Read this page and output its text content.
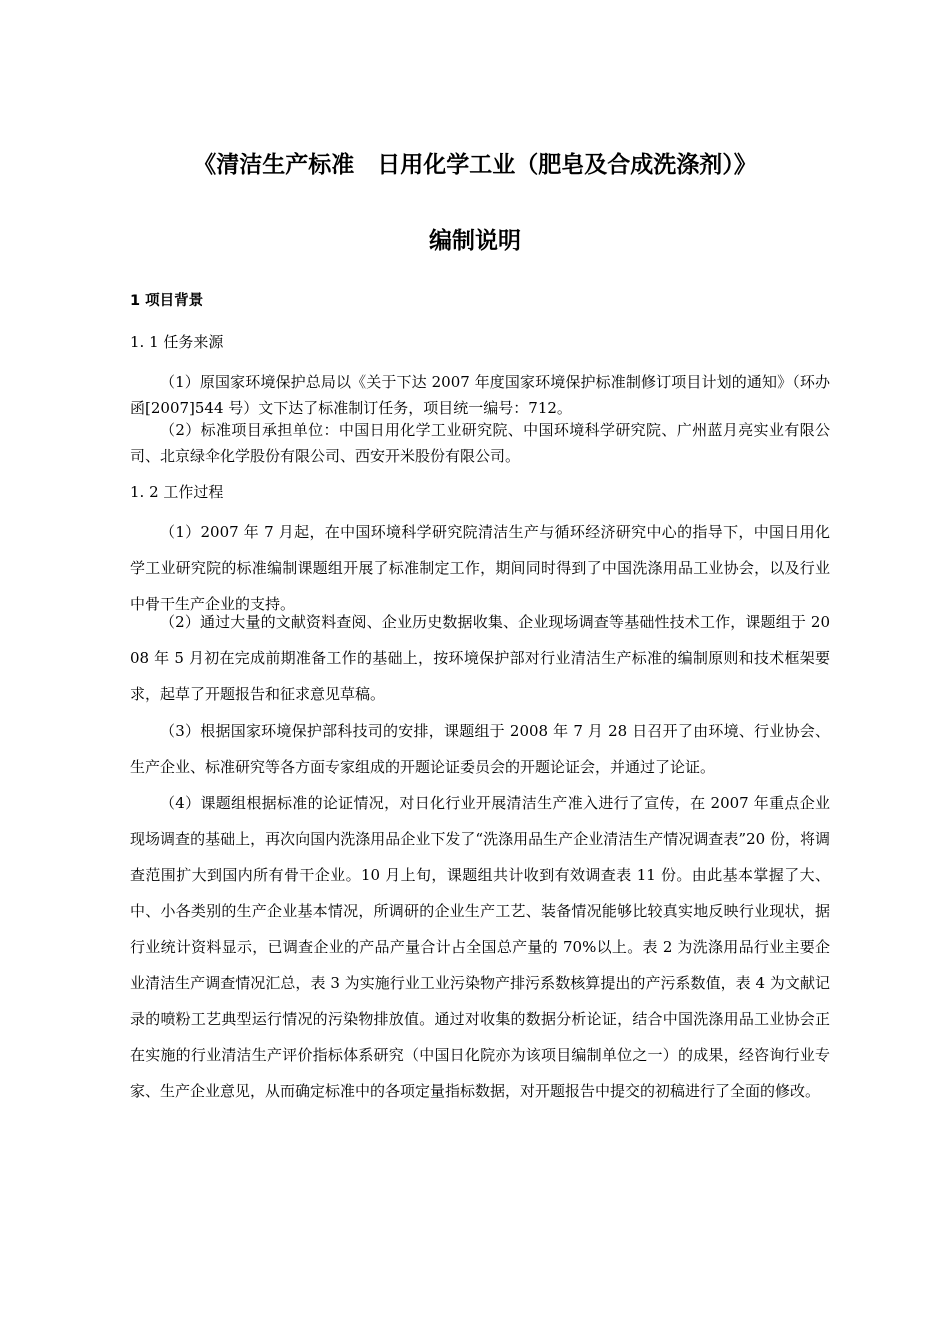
《清洁生产标准　日用化学工业（肥皂及合成洗涤剂）》
编制说明
1 项目背景
1. 1 任务来源

（1）原国家环境保护总局以《关于下达 2007 年度国家环境保护标准制修订项目计划的通知》（环办函[2007]544 号）文下达了标准制订任务，项目统一编号：712。

（2）标准项目承担单位：中国日用化学工业研究院、中国环境科学研究院、广州蓝月亮实业有限公司、北京绿伞化学股份有限公司、西安开米股份有限公司。

1. 2 工作过程

（1）2007 年 7 月起，在中国环境科学研究院清洁生产与循环经济研究中心的指导下，中国日用化学工业研究院的标准编制课题组开展了标准制定工作，期间同时得到了中国洗涤用品工业协会，以及行业中骨干生产企业的支持。

（2）通过大量的文献资料查阅、企业历史数据收集、企业现场调查等基础性技术工作，课题组于 2008 年 5 月初在完成前期准备工作的基础上，按环境保护部对行业清洁生产标准的编制原则和技术框架要求，起草了开题报告和征求意见草稿。

（3）根据国家环境保护部科技司的安排，课题组于 2008 年 7 月 28 日召开了由环境、行业协会、生产企业、标准研究等各方面专家组成的开题论证委员会的开题论证会，并通过了论证。

（4）课题组根据标准的论证情况，对日化行业开展清洁生产准入进行了宣传，在 2007 年重点企业现场调查的基础上，再次向国内洗涤用品企业下发了“洗涤用品生产企业清洁生产情况调查表”20 份，将调查范围扩大到国内所有骨干企业。10 月上旬，课题组共计收到有效调查表 11 份。由此基本掌握了大、中、小各类别的生产企业基本情况，所调研的企业生产工艺、装备情况能够比较真实地反映行业现状，据行业统计资料显示，已调查企业的产品产量合计占全国总产量的 70%以上。表 2 为洗涤用品行业主要企业清洁生产调查情况汇总，表 3 为实施行业工业污染物产排污系数核算提出的产污系数值，表 4 为文献记录的喷粉工艺典型运行情况的污染物排放值。通过对收集的数据分析论证，结合中国洗涤用品工业协会正在实施的行业清洁生产评价指标体系研究（中国日化院亦为该项目编制单位之一）的成果，经咨询行业专家、生产企业意见，从而确定标准中的各项定量指标数据，对开题报告中提交的初稿进行了全面的修改。
